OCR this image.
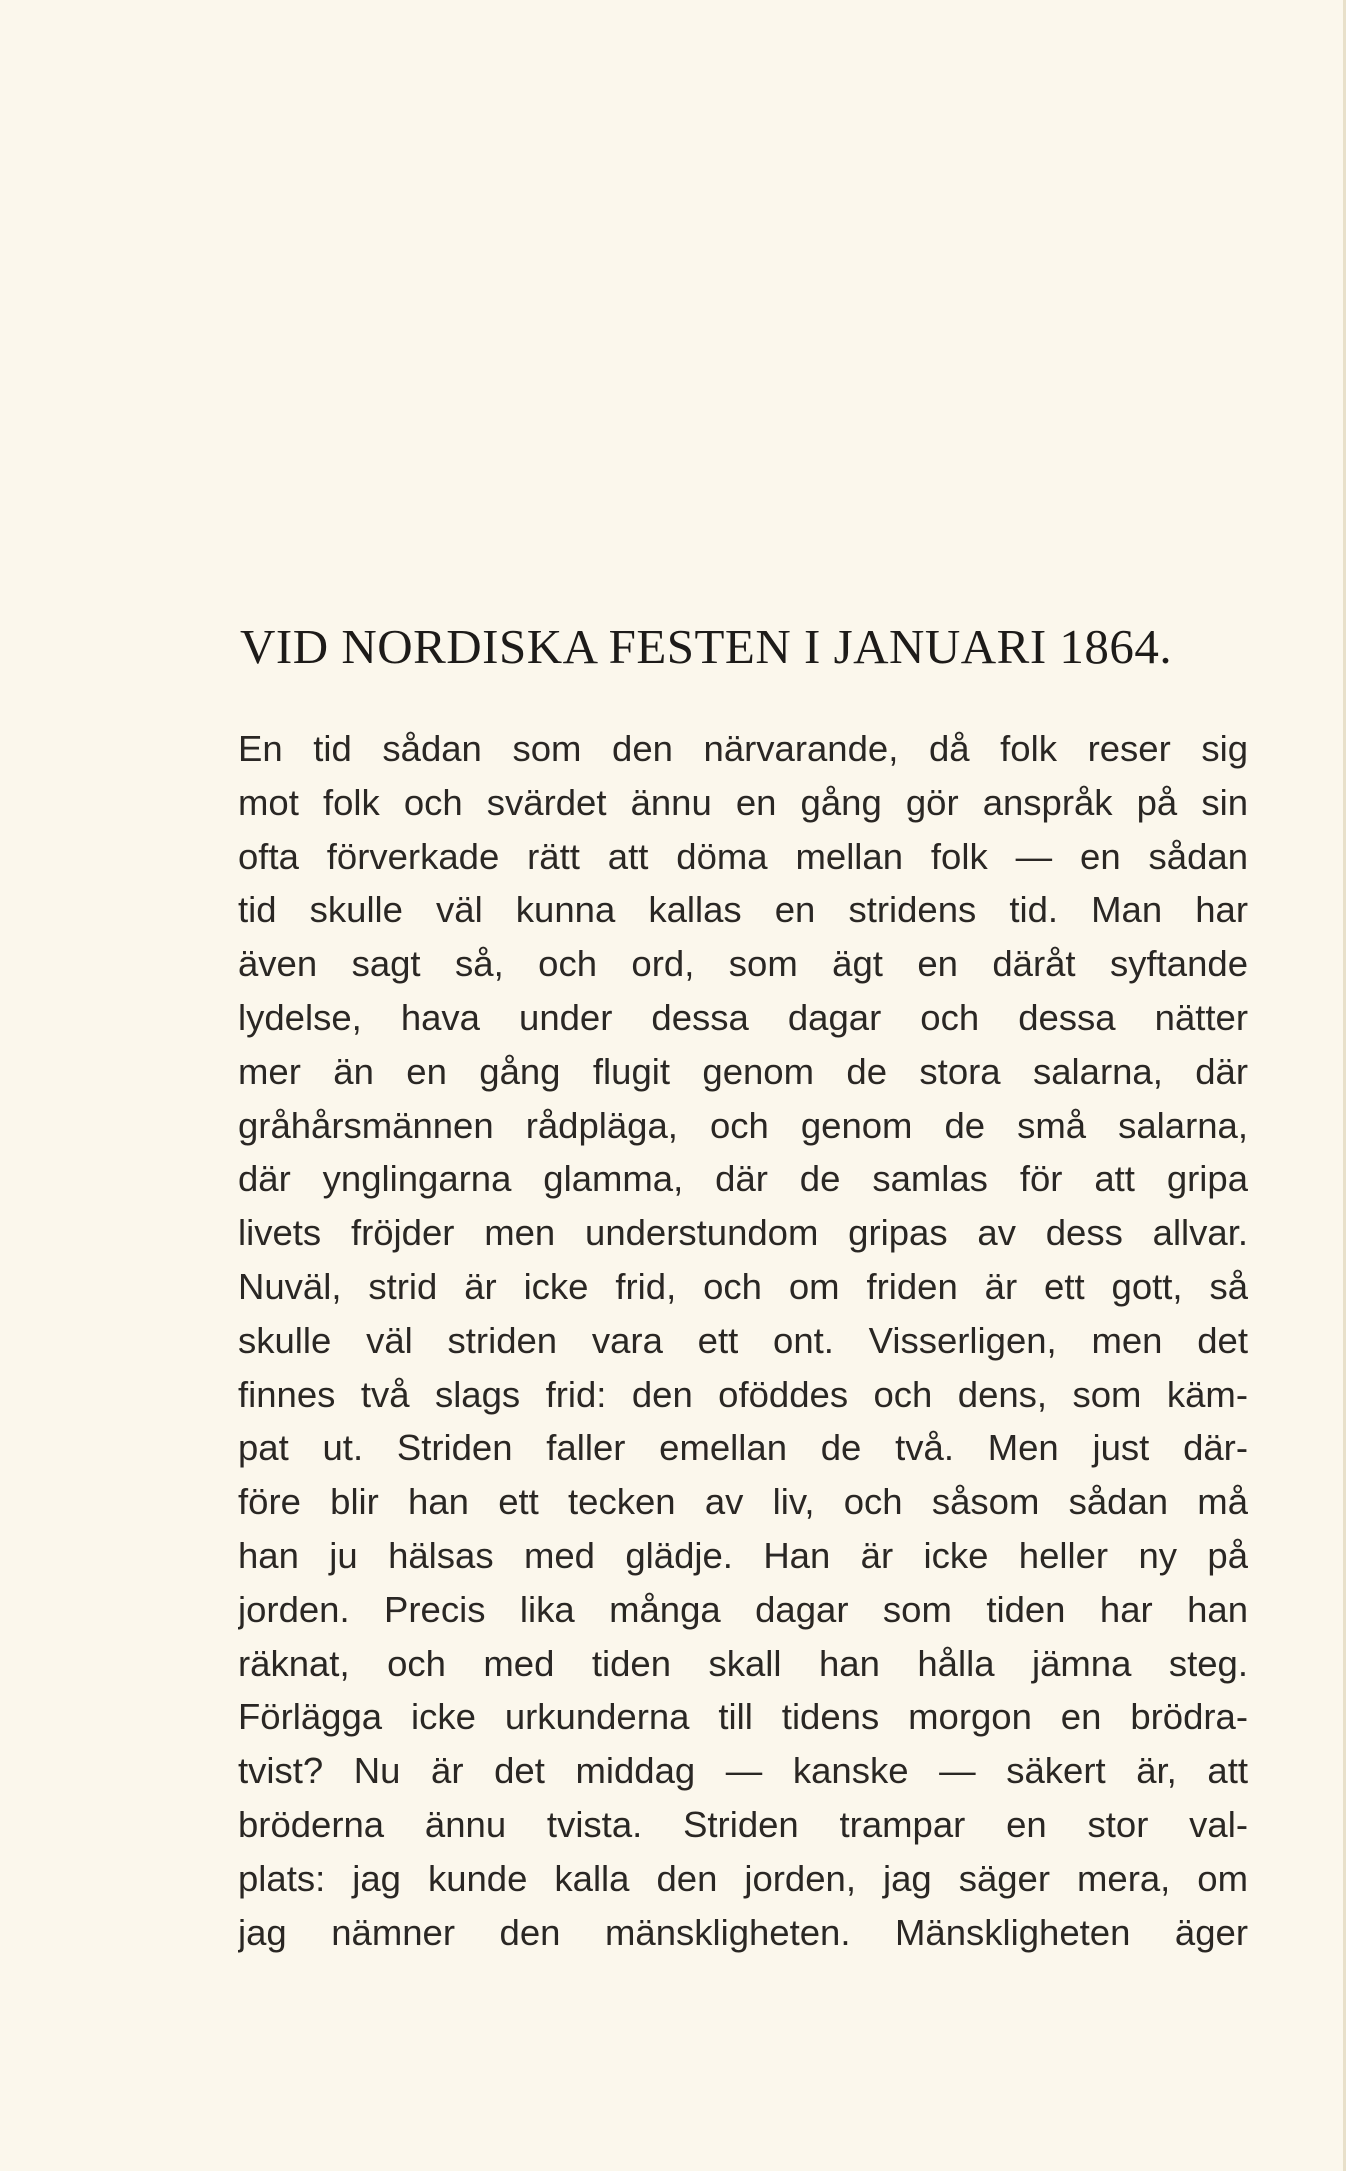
VID NORDISKA FESTEN I JANUARI 1864.
En tid sådan som den närvarande, då folk reser sig
mot folk och svärdet ännu en gång gör anspråk på sin
ofta förverkade rätt att döma mellan folk — en sådan
tid skulle väl kunna kallas en stridens tid. Man har
även sagt så, och ord, som ägt en däråt syftande
lydelse, hava under dessa dagar och dessa nätter
mer än en gång flugit genom de stora salarna, där
gråhårsmännen rådpläga, och genom de små salarna,
där ynglingarna glamma, där de samlas för att gripa
livets fröjder men understundom gripas av dess allvar.
Nuväl, strid är icke frid, och om friden är ett gott, så
skulle väl striden vara ett ont. Visserligen, men det
finnes två slags frid: den oföddes och dens, som käm-
pat ut. Striden faller emellan de två. Men just där-
före blir han ett tecken av liv, och såsom sådan må
han ju hälsas med glädje. Han är icke heller ny på
jorden. Precis lika många dagar som tiden har han
räknat, och med tiden skall han hålla jämna steg.
Förlägga icke urkunderna till tidens morgon en brödra-
tvist? Nu är det middag — kanske — säkert är, att
bröderna ännu tvista. Striden trampar en stor val-
plats: jag kunde kalla den jorden, jag säger mera, om
jag nämner den mänskligheten. Mänskligheten äger
